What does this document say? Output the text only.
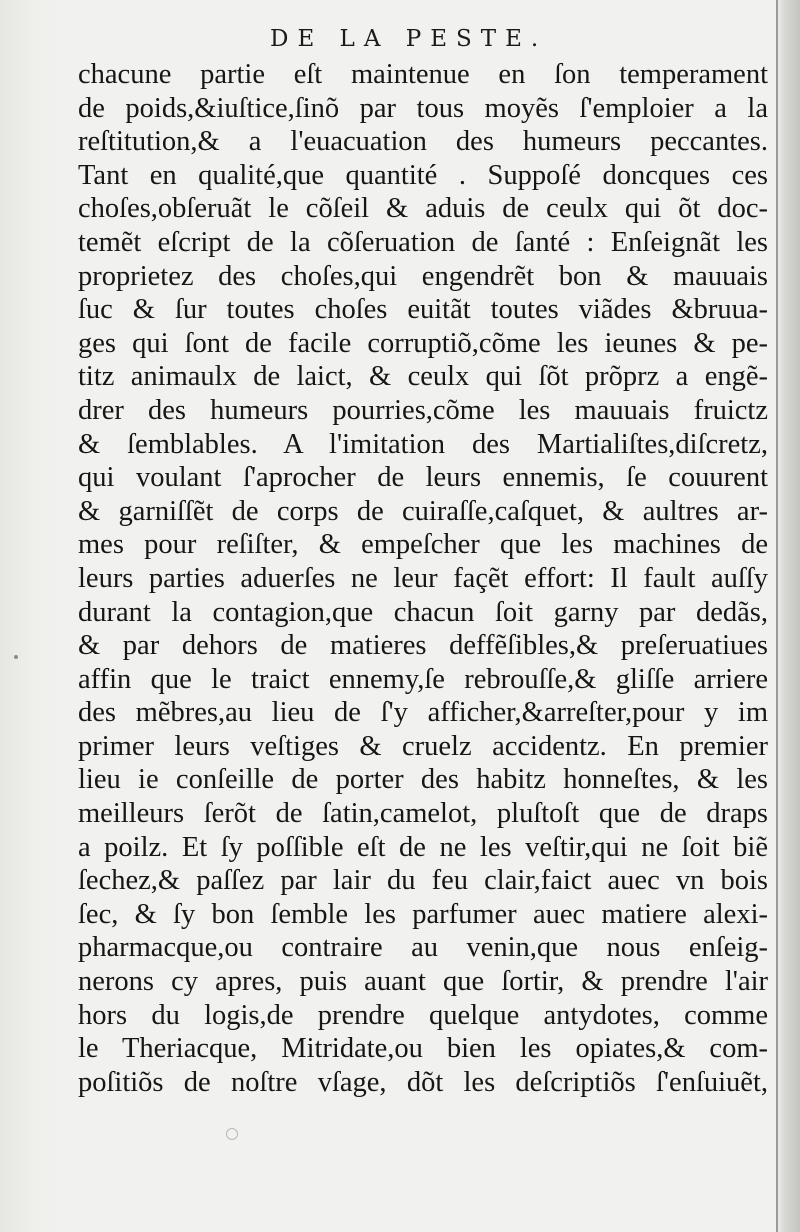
DE LA PESTE.
chacune partie eſt maintenue en ſon temperament
de poids,&iuſtice,ſinõ par tous moyẽs ſ'emploier a la
reſtitution,& a l'euacuation des humeurs peccantes.
Tant en qualité,que quantité . Suppoſé doncques ces
choſes,obſeruãt le cõſeil & aduis de ceulx qui õt doc-
temẽt eſcript de la cõſeruation de ſanté : Enſeignãt les
proprietez des choſes,qui engendrẽt bon & mauuais
ſuc & ſur toutes choſes euitãt toutes viãdes &bruua-
ges qui ſont de facile corruptiõ,cõme les ieunes & pe-
titz animaulx de laict, & ceulx qui ſõt prõprz a engẽ-
drer des humeurs pourries,cõme les mauuais fruictz
& ſemblables. A l'imitation des Martialiſtes,diſcretz,
qui voulant ſ'aprocher de leurs ennemis, ſe couurent
& garniſſẽt de corps de cuiraſſe,caſquet, & aultres ar-
mes pour reſiſter, & empeſcher que les machines de
leurs parties aduerſes ne leur façẽt effort: Il fault auſſy
durant la contagion,que chacun ſoit garny par dedãs,
& par dehors de matieres deffẽſibles,& preſeruatiues
affin que le traict ennemy,ſe rebrouſſe,& gliſſe arriere
des mẽbres,au lieu de ſ'y afficher,&arreſter,pour y im
primer leurs veſtiges & cruelz accidentz. En premier
lieu ie conſeille de porter des habitz honneſtes, & les
meilleurs ſerõt de ſatin,camelot, pluſtoſt que de draps
a poilz. Et ſy poſſible eſt de ne les veſtir,qui ne ſoit biẽ
ſechez,& paſſez par lair du feu clair,faict auec vn bois
ſec, & ſy bon ſemble les parfumer auec matiere alexi-
pharmacque,ou contraire au venin,que nous enſeig-
nerons cy apres, puis auant que ſortir, & prendre l'air
hors du logis,de prendre quelque antydotes, comme
le Theriacque, Mitridate,ou bien les opiates,& com-
poſitiõs de noſtre vſage, dõt les deſcriptiõs ſ'enſuiuẽt,
